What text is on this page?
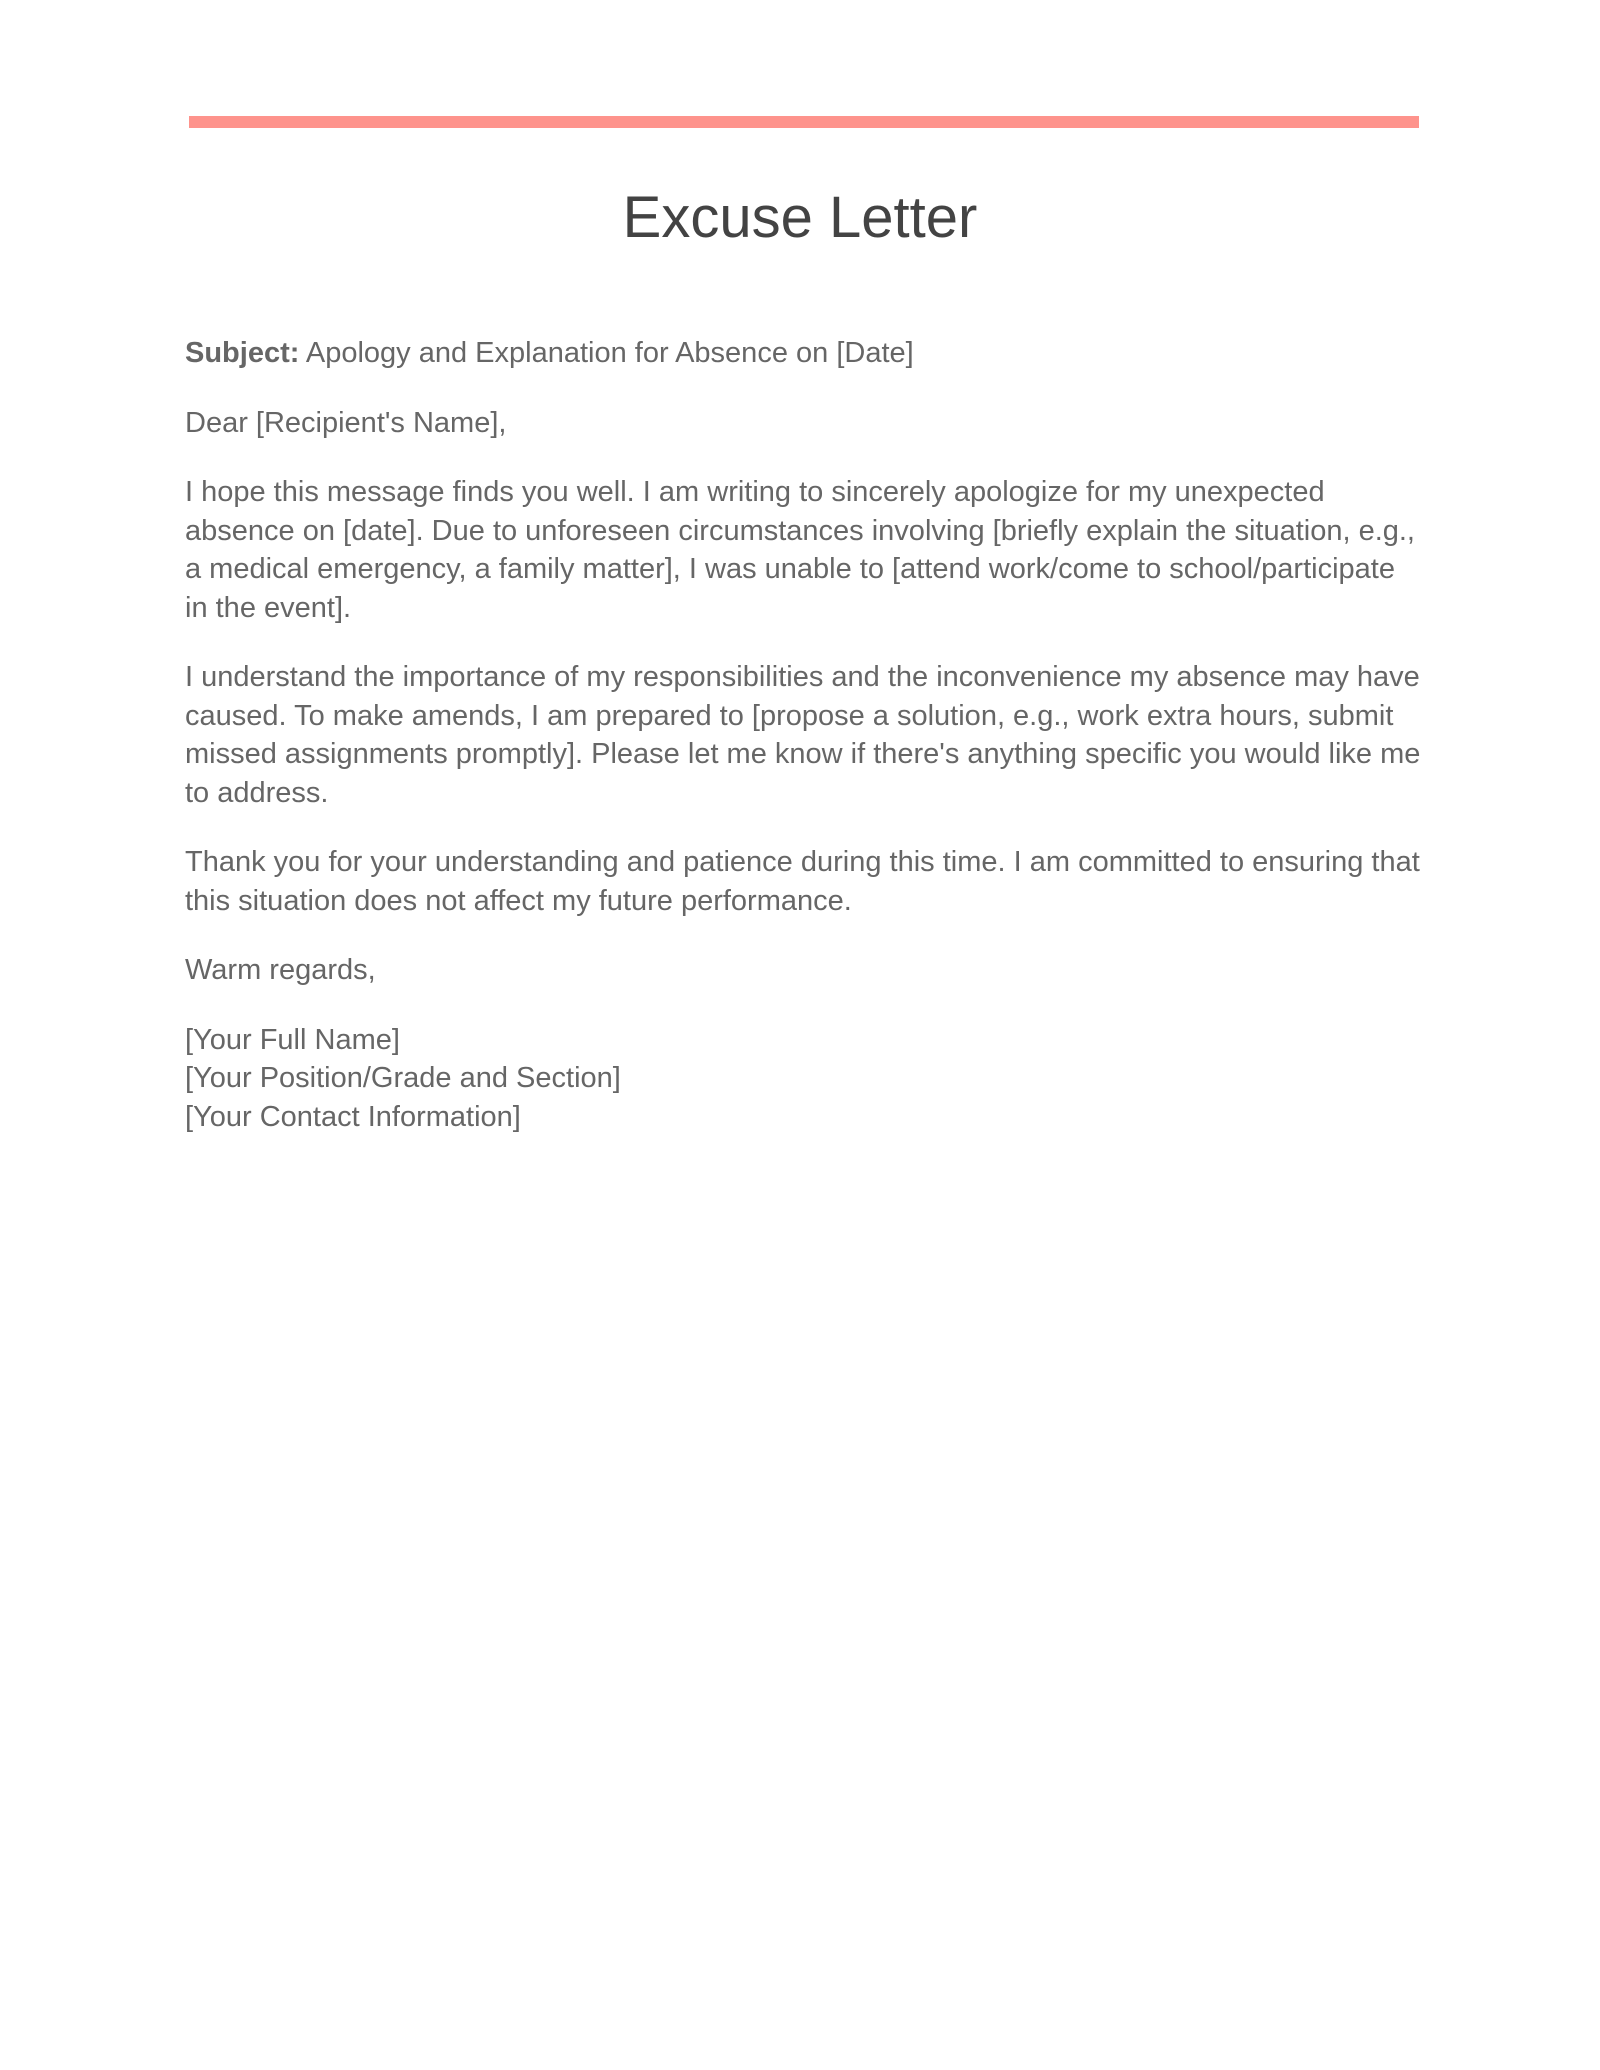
Excuse Letter

Subject: Apology and Explanation for Absence on [Date]

Dear [Recipient's Name],

I hope this message finds you well. I am writing to sincerely apologize for my unexpected absence on [date]. Due to unforeseen circumstances involving [briefly explain the situation, e.g., a medical emergency, a family matter], I was unable to [attend work/come to school/participate in the event].

I understand the importance of my responsibilities and the inconvenience my absence may have caused. To make amends, I am prepared to [propose a solution, e.g., work extra hours, submit missed assignments promptly]. Please let me know if there's anything specific you would like me to address.

Thank you for your understanding and patience during this time. I am committed to ensuring that this situation does not affect my future performance.

Warm regards,

[Your Full Name]
[Your Position/Grade and Section]
[Your Contact Information]
